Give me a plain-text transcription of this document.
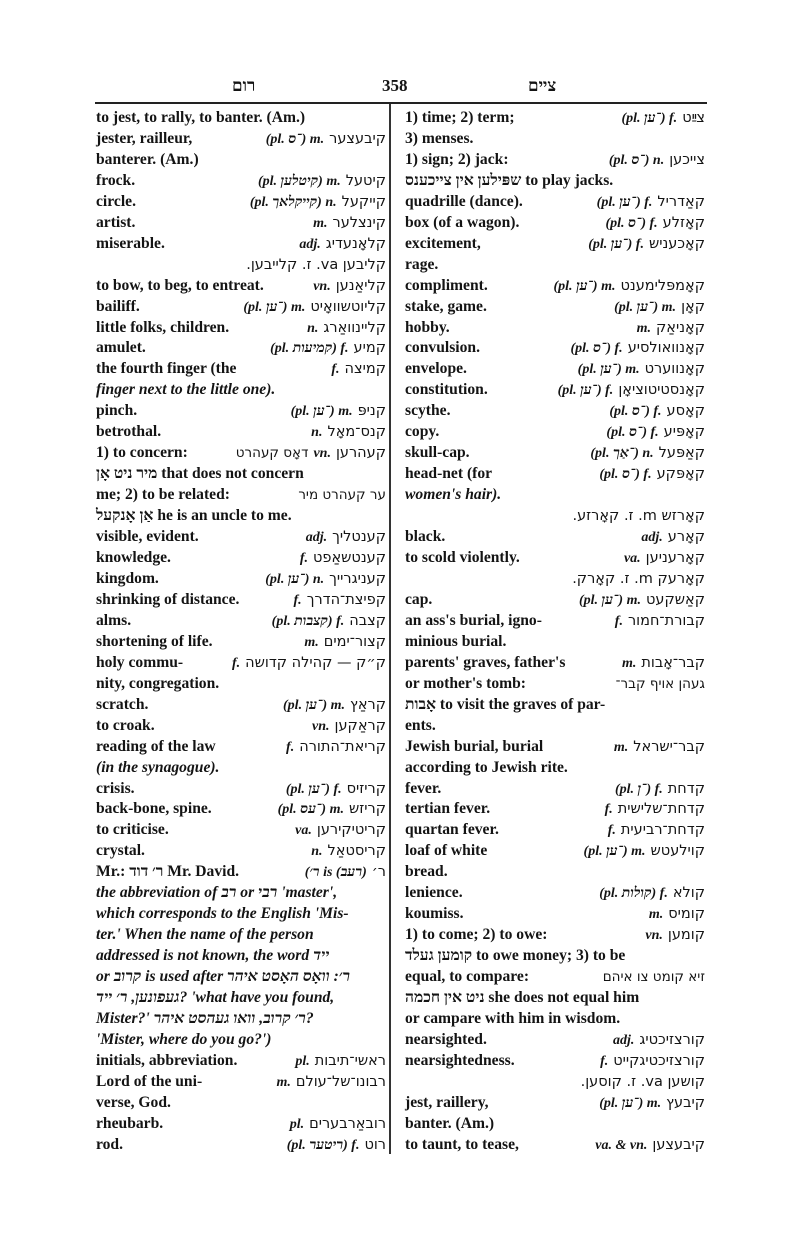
רום	358	צײם
to jest, to rally, to banter. (Am.)
jester, railleur,	(pl. ־ס) m. קיבעצער
banterer. (Am.)
frock.	(pl. קיטלען) m. קיטעל
circle.	(pl. קייקלאך) n. קייקעל
artist.	m. קינצלער
miserable.	adj. קלאָנעדיג
קליבען va. ז. קלייבען.
to bow, to beg, to entreat.	vn. קליאַנען
bailiff.	(pl. ־ען) m. קליוטשוואָיט
little folks, children.	n. קליינוואַרג
amulet.	(pl. קמיעות) f. קמיע
the fourth finger (the	f. קמיצה
finger next to the little one).
pinch.	(pl. ־ען) m. קניפּ
betrothal.	n. קנס־מאָל
1) to concern:	דאָס קעהרט vn. קעהרען
מיר ניט אָן that does not concern
me; 2) to be related:	ער קעהרט מיר
אַן אָנקעל he is an uncle to me.
visible, evident.	adj. קענטליך
knowledge.	f. קענטשאַפט
kingdom.	(pl. ־ען) n. קעניגרייך
shrinking of distance.	f. קפיצת־הדרך
alms.	(pl. קצבות) f. קצבה
shortening of life.	m. קצור־ימים
holy commu-	f. ק״ק — קהילה קדושה
nity, congregation.
scratch.	(pl. ־ען) m. קראַץ
to croak.	vn. קראַקען
reading of the law	f. קריאת־התורה
(in the synagogue).
crisis.	(pl. ־ען) f. קריזיס
back-bone, spine.	(pl. ־עס) m. קריזש
to criticise.	va. קריטיקירען
crystal.	n. קריסטאַל
Mr.: ר׳ דוד Mr. David.	(ר׳ is (רעב) ר׳
the abbreviation of רב or רבי 'master',
which corresponds to the English 'Mis-
ter.' When the name of the person
addressed is not known, the word ייד
or קרוב is used after ר׳: וואָס האָסט איהר
געפונען, ר׳ ייד? 'what have you found,
Mister?' ר׳ קרוב, וואו געהסט איהר?
'Mister, where do you go?')
initials, abbreviation.	pl. ראשי־תיבות
Lord of the uni-	m. רבונו־של־עולם
verse, God.
rheubarb.	pl. רובאַרבערים
rod.	(pl. ריטער) f. רוט
1) time; 2) term;	(pl. ־ען) f. צײַט
3) menses.
1) sign; 2) jack:	(pl. ־ס) n. צייכען
שפּילען אין צייכענס to play jacks.
quadrille (dance).	(pl. ־ען) f. קאַדריל
box (of a wagon).	(pl. ־ס) f. קאָזלע
excitement,	(pl. ־ען) f. קאָכעניש
rage.
compliment.	(pl. ־ען) m. קאָמפּלימענט
stake, game.	(pl. ־ען) m. קאָן
hobby.	m. קאָניאַק
convulsion.	(pl. ־ס) f. קאָנוואולסיע
envelope.	(pl. ־ען) m. קאָנווערט
constitution.	(pl. ־ען) f. קאָנסטיטוציאָן
scythe.	(pl. ־ס) f. קאָסע
copy.	(pl. ־ס) f. קאָפּיע
skull-cap.	(pl. ־אַך) n. קאַפּעל
head-net (for	(pl. ־ס) f. קאָפּקע
women's hair).
קאָרזש m. ז. קאָרזע.
black.	adj. קאָרע
to scold violently.	va. קאָרעניען
קאָרעק m. ז. קאָרק.
cap.	(pl. ־ען) m. קאַשקעט
an ass's burial, igno-	f. קבורת־חמור
minious burial.
parents' graves, father's	m. קבר־אָבות
or mother's tomb:	געהן אויף קבר־
אָבות to visit the graves of par-
ents.
Jewish burial, burial	m. קבר־ישראל
according to Jewish rite.
fever.	(pl. ־ן) f. קדחת
tertian fever.	f. קדחת־שלישית
quartan fever.	f. קדחת־רביעית
loaf of white	(pl. ־ען) m. קוילעטש
bread.
lenience.	(pl. קולות) f. קולא
koumiss.	m. קומיס
1) to come; 2) to owe:	vn. קומען
קומען געלד to owe money; 3) to be
equal, to compare:	זיא קומט צו איהם
ניט אין חכמה she does not equal him
or campare with him in wisdom.
nearsighted.	adj. קורצזיכטיג
nearsightedness.	f. קורצזיכטיגקייט
קושען va. ז. קוסען.
jest, raillery,	(pl. ־ען) m. קיבעץ
banter. (Am.)
to taunt, to tease,	va. & vn. קיבעצען
